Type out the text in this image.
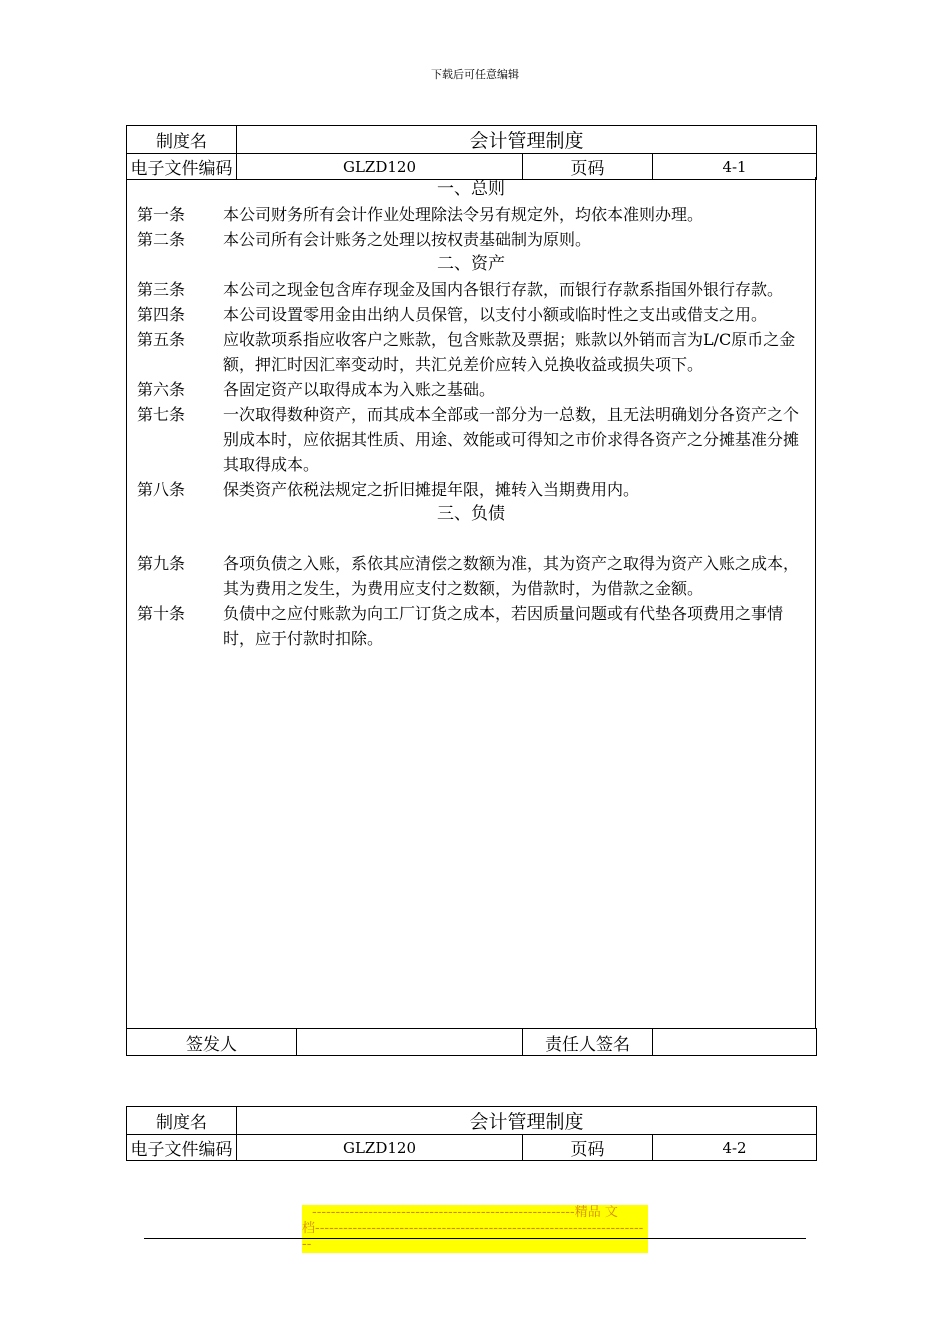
下载后可任意编辑
制度名	会计管理制度		
电子文件编码	GLZD120	页码	4-1
一、总则
第一条	本公司财务所有会计作业处理除法令另有规定外，均依本准则办理。
第二条	本公司所有会计账务之处理以按权责基础制为原则。
二、资产
第三条	本公司之现金包含库存现金及国内各银行存款，而银行存款系指国外银行存款。
第四条	本公司设置零用金由出纳人员保管，以支付小额或临时性之支出或借支之用。
第五条	应收款项系指应收客户之账款，包含账款及票据；账款以外销而言为L/C原币之金额，押汇时因汇率变动时，共汇兑差价应转入兑换收益或损失项下。
第六条	各固定资产以取得成本为入账之基础。
第七条	一次取得数种资产，而其成本全部或一部分为一总数，且无法明确划分各资产之个别成本时，应依据其性质、用途、效能或可得知之市价求得各资产之分摊基准分摊其取得成本。
第八条	保类资产依税法规定之折旧摊提年限，摊转入当期费用内。
三、负债
第九条	各项负债之入账，系依其应清偿之数额为准，其为资产之取得为资产入账之成本，其为费用之发生，为费用应支付之数额，为借款时，为借款之金额。
第十条	负债中之应付账款为向工厂订货之成本，若因质量问题或有代垫各项费用之事情时，应于付款时扣除。
签发人		责任人签名	
制度名	会计管理制度		
电子文件编码	GLZD120	页码	4-2
--------------------------------------------------------精品 文
档------------------------------------------------------------------------
